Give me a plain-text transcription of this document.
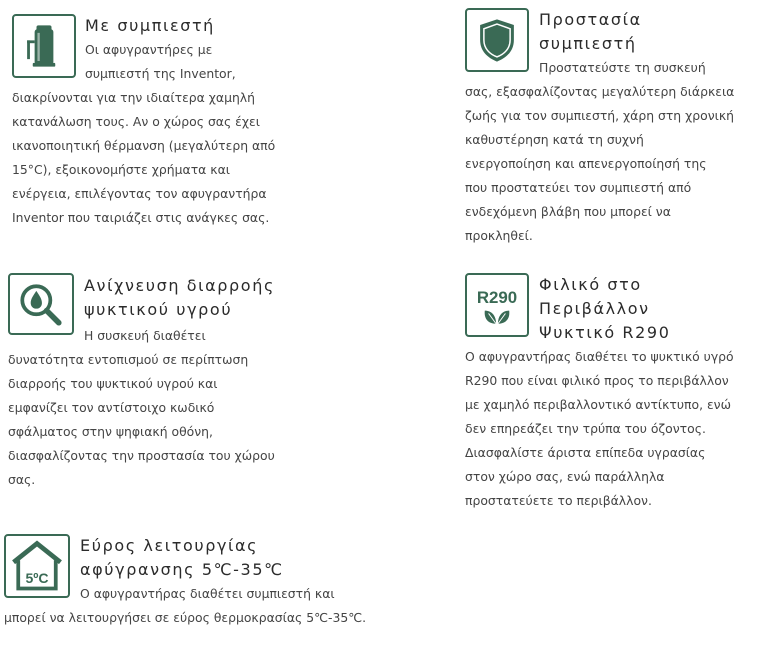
Με συμπιεστή

Οι αφυγραντήρες με
συμπιεστή της Inventor,

διακρίνονται για την ιδιαίτερα χαμηλή
κατανάλωση τους. Αν ο χώρος σας έχει
ικανοποιητική θέρμανση (μεγαλύτερη από
15°C), εξοικονομήστε χρήματα και
ενέργεια, επιλέγοντας τον αφυγραντήρα
Inventor που ταιριάζει στις ανάγκες σας.

Προστασία
συμπιεστή

Προστατεύστε τη συσκευή

σας, εξασφαλίζοντας μεγαλύτερη διάρκεια
ζωής για τον συμπιεστή, χάρη στη χρονική
καθυστέρηση κατά τη συχνή
ενεργοποίηση και απενεργοποίησή της
που προστατεύει τον συμπιεστή από
ενδεχόμενη βλάβη που μπορεί να
προκληθεί.

Ανίχνευση διαρροής
ψυκτικού υγρού

Η συσκευή διαθέτει

δυνατότητα εντοπισμού σε περίπτωση
διαρροής του ψυκτικού υγρού και
εμφανίζει τον αντίστοιχο κωδικό
σφάλματος στην ψηφιακή οθόνη,
διασφαλίζοντας την προστασία του χώρου
σας.

R290
Φιλικό στο
Περιβάλλον
Ψυκτικό R290

Ο αφυγραντήρας διαθέτει το ψυκτικό υγρό
R290 που είναι φιλικό προς το περιβάλλον
με χαμηλό περιβαλλοντικό αντίκτυπο, ενώ
δεν επηρεάζει την τρύπα του όζοντος.
Διασφαλίστε άριστα επίπεδα υγρασίας
στον χώρο σας, ενώ παράλληλα
προστατεύετε το περιβάλλον.

5ºC
Εύρος λειτουργίας
αφύγρανσης 5℃-35℃

Ο αφυγραντήρας διαθέτει συμπιεστή και

μπορεί να λειτουργήσει σε εύρος θερμοκρασίας 5℃-35℃.
